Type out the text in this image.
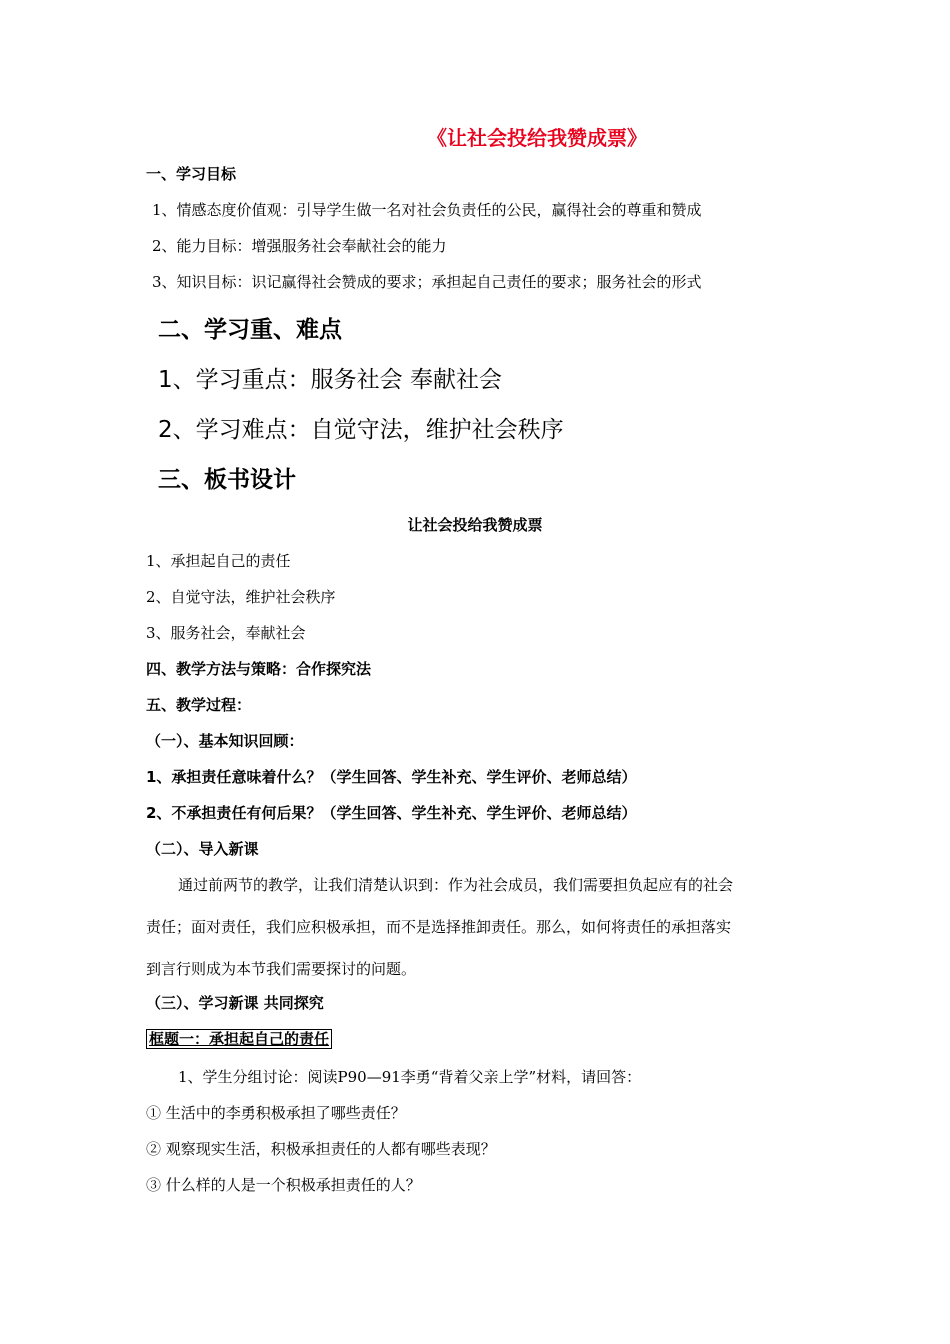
《让社会投给我赞成票》
一、学习目标
1、情感态度价值观：引导学生做一名对社会负责任的公民，赢得社会的尊重和赞成
2、能力目标：增强服务社会奉献社会的能力
3、知识目标：识记赢得社会赞成的要求；承担起自己责任的要求；服务社会的形式
二、学习重、难点
1、学习重点：服务社会 奉献社会
2、学习难点：自觉守法，维护社会秩序
三、板书设计
让社会投给我赞成票
1、承担起自己的责任
2、自觉守法，维护社会秩序
3、服务社会，奉献社会
四、教学方法与策略：合作探究法
五、教学过程：
（一）、基本知识回顾：
1、承担责任意味着什么？（学生回答、学生补充、学生评价、老师总结）
2、不承担责任有何后果？（学生回答、学生补充、学生评价、老师总结）
（二）、导入新课
通过前两节的教学，让我们清楚认识到：作为社会成员，我们需要担负起应有的社会
责任；面对责任，我们应积极承担，而不是选择推卸责任。那么，如何将责任的承担落实
到言行则成为本节我们需要探讨的问题。
（三）、学习新课 共同探究
框题一：承担起自己的责任
1、学生分组讨论：阅读P90—91李勇“背着父亲上学”材料，请回答：
① 生活中的李勇积极承担了哪些责任？
② 观察现实生活，积极承担责任的人都有哪些表现？
③ 什么样的人是一个积极承担责任的人？
